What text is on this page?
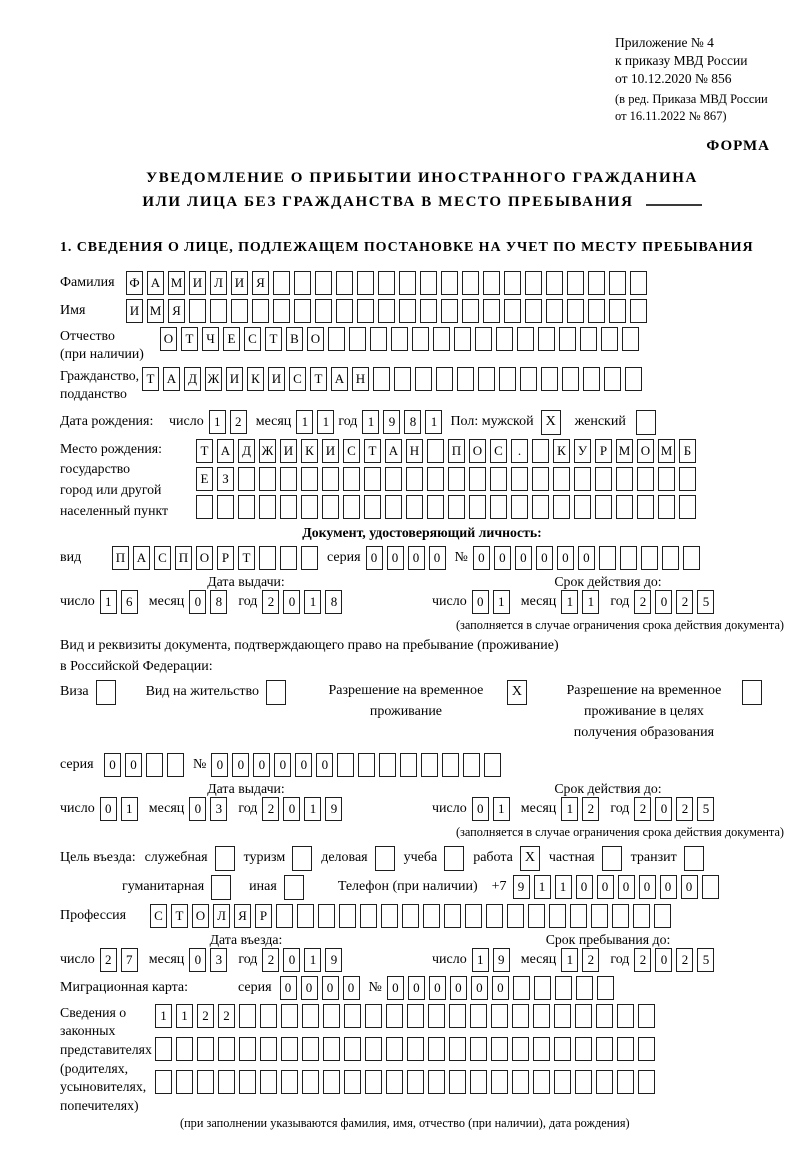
Приложение № 4
к приказу МВД России
от 10.12.2020 № 856
(в ред. Приказа МВД России
от 16.11.2022 № 867)
ФОРМА
УВЕДОМЛЕНИЕ О ПРИБЫТИИ ИНОСТРАННОГО ГРАЖДАНИНА
ИЛИ ЛИЦА БЕЗ ГРАЖДАНСТВА В МЕСТО ПРЕБЫВАНИЯ
1. СВЕДЕНИЯ О ЛИЦЕ, ПОДЛЕЖАЩЕМ ПОСТАНОВКЕ НА УЧЕТ ПО МЕСТУ ПРЕБЫВАНИЯ
Фамилия	Ф А М И Л И Я
Имя	И М Я
Отчество
(при наличии)
О Т Ч Е С Т В О
Гражданство,
подданство
Т А Д Ж И К И С Т А Н
Дата рождения:	число 1	2	месяц 1	1 год 1	9	8	1 Пол: мужской X	женский
Место рождения:
государство
город или другой
населенный пункт
Т А Д Ж И К И С Т А Н	П О С	.	К У Р М О М Б
Е	З
Документ, удостоверяющий личность:
вид	П А С П О Р	Т	серия 0	0	0	0	№ 0	0	0	0	0	0
Дата выдачи:	Срок действия до:
число 1	6	месяц 0	8	год 2	0	1	8	число 0	1	месяц 1	1	год 2	0	2	5
(заполняется в случае ограничения срока действия документа)
Вид и реквизиты документа, подтверждающего право на пребывание (проживание)
в Российской Федерации:
Виза	Вид на жительство	Разрешение на временное проживание
X	Разрешение на временное проживание в целях получения образования
серия	0	0	№ 0	0	0	0	0	0
Дата выдачи:	Срок действия до:
число 0	1	месяц 0	3	год 2	0	1	9	число 0	1	месяц 1	2	год 2	0	2	5
(заполняется в случае ограничения срока действия документа)
Цель въезда: служебная	туризм	деловая	учеба	работа X частная	транзит
гуманитарная	иная	Телефон (при наличии) +7 9	1	1	0	0	0	0	0	0
Профессия	С Т О Л Я	Р
Дата въезда:	Срок пребывания до:
число 2	7	месяц 0	3	год 2	0	1	9	число 1	9	месяц 1	2	год 2	0	2	5
Миграционная карта:	серия	0	0	0	0	№ 0	0	0	0	0	0
Сведения о
законных
представителях
(родителях,
усыновителях,
попечителях)
1	1	2	2
(при заполнении указываются фамилия, имя, отчество (при наличии), дата рождения)
